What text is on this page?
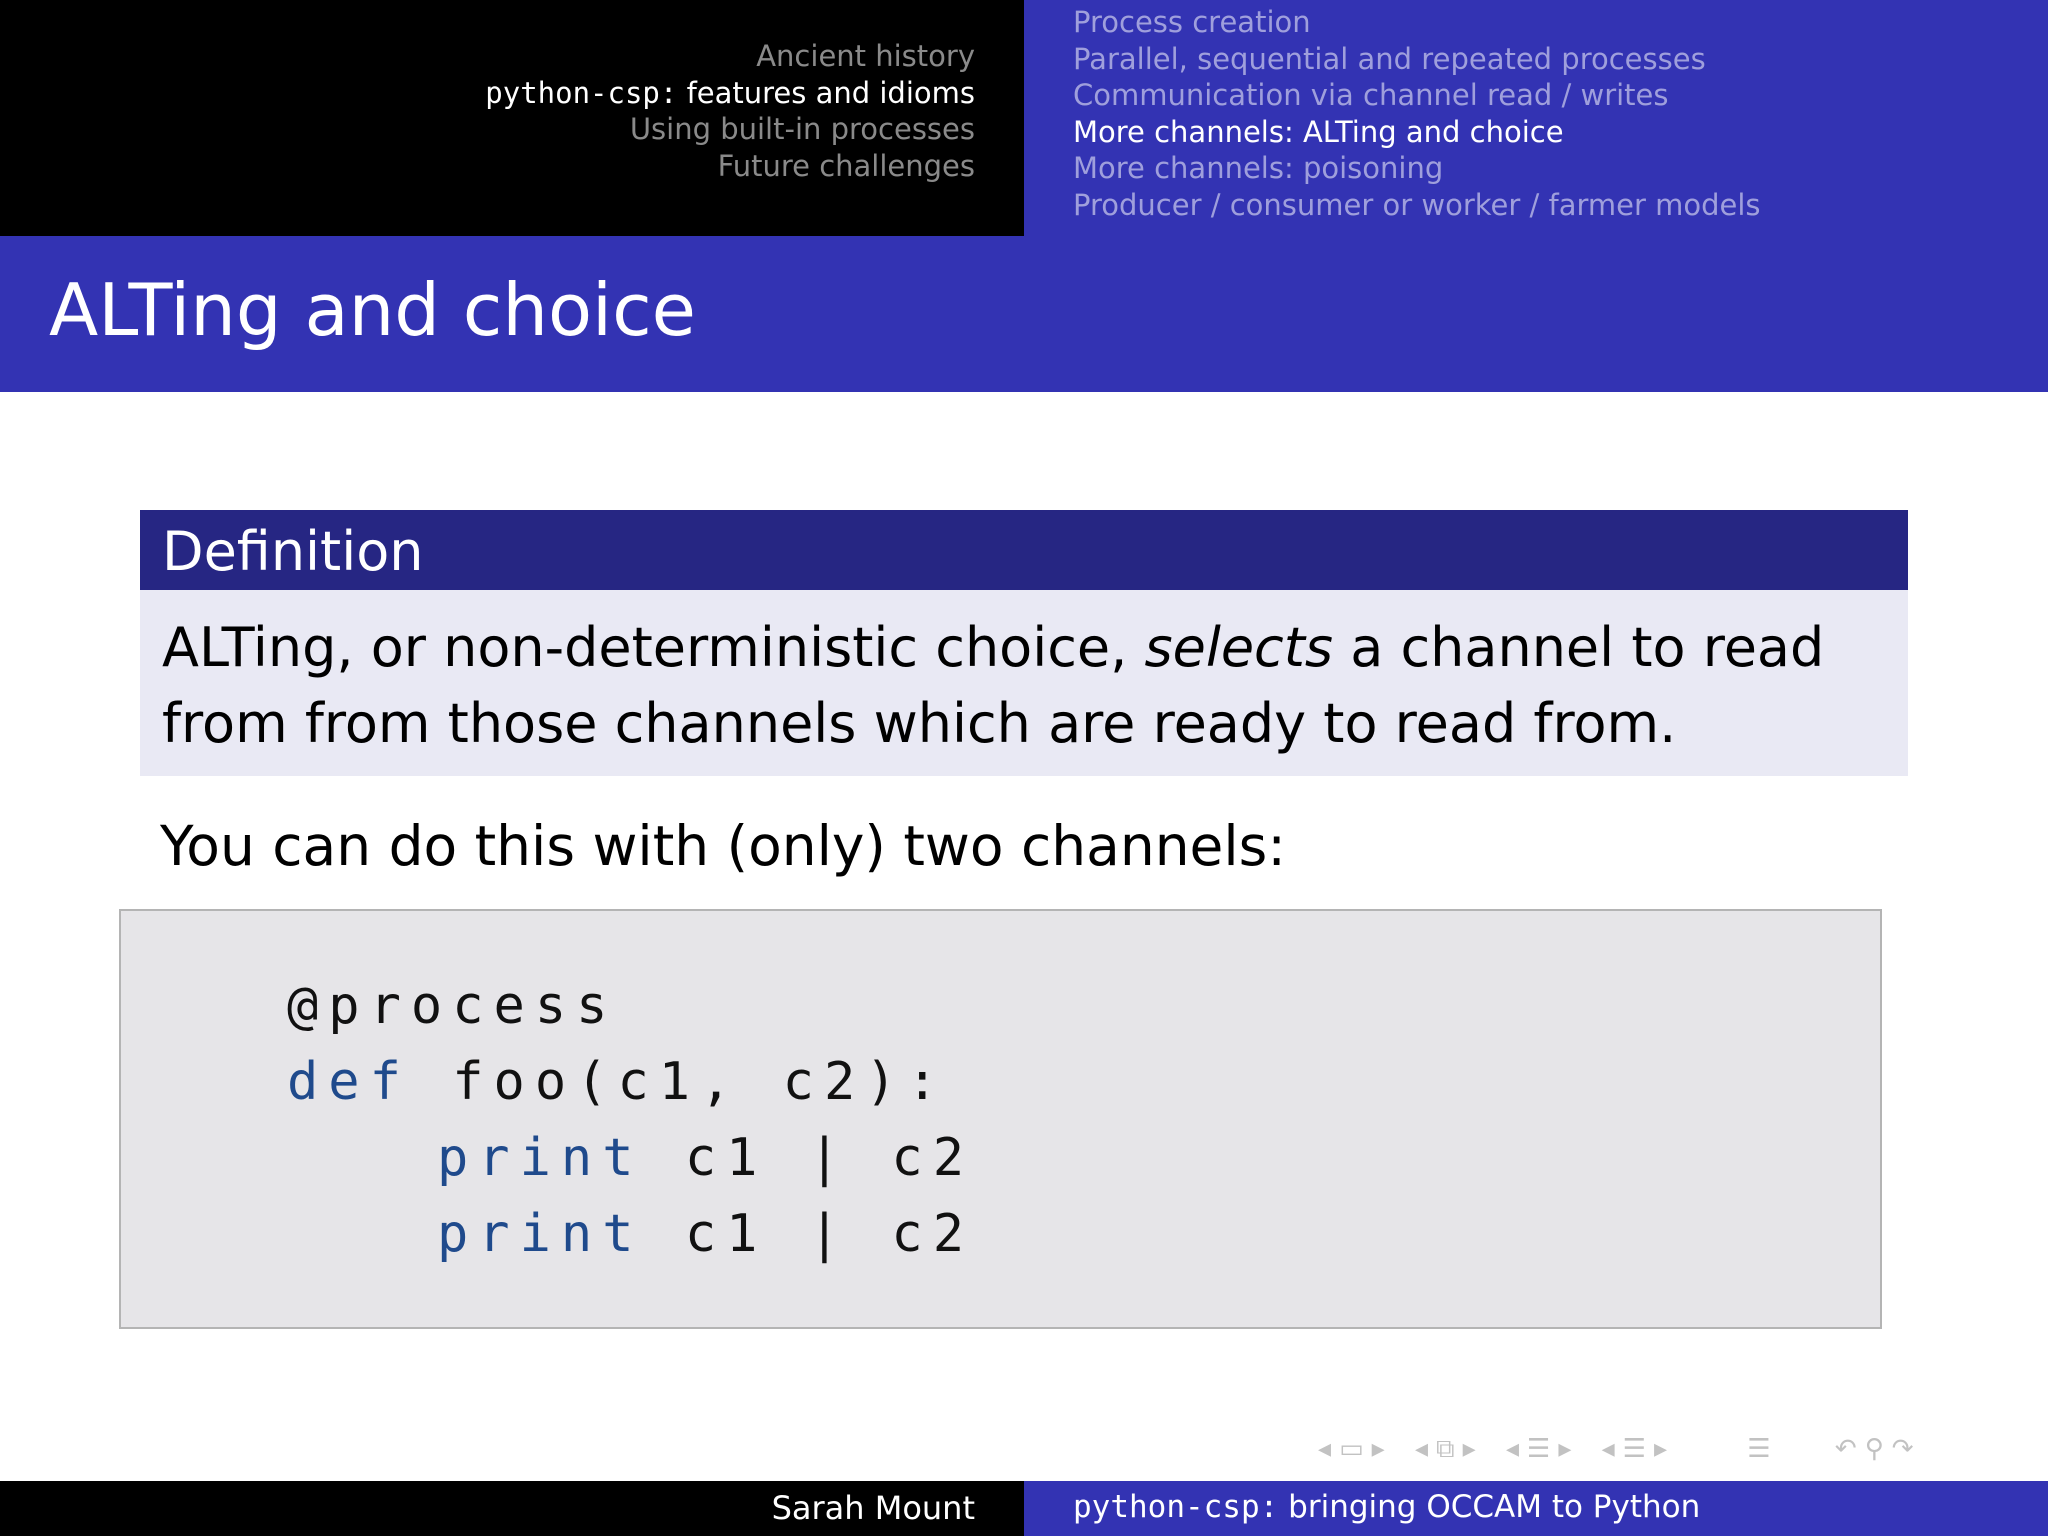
Ancient history
python-csp: features and idioms
Using built-in processes
Future challenges
Process creation
Parallel, sequential and repeated processes
Communication via channel read / writes
More channels: ALTing and choice
More channels: poisoning
Producer / consumer or worker / farmer models
ALTing and choice
Definition
ALTing, or non-deterministic choice, selects a channel to read from from those channels which are ready to read from.
You can do this with (only) two channels:
@process
def foo(c1, c2):
print c1 | c2
print c1 | c2
◂ ▭ ▸ ◂ ⧉ ▸ ◂ ☰ ▸ ◂ ☰ ▸	☰ ↶ ⚲ ↷
Sarah Mount	python-csp: bringing OCCAM to Python
